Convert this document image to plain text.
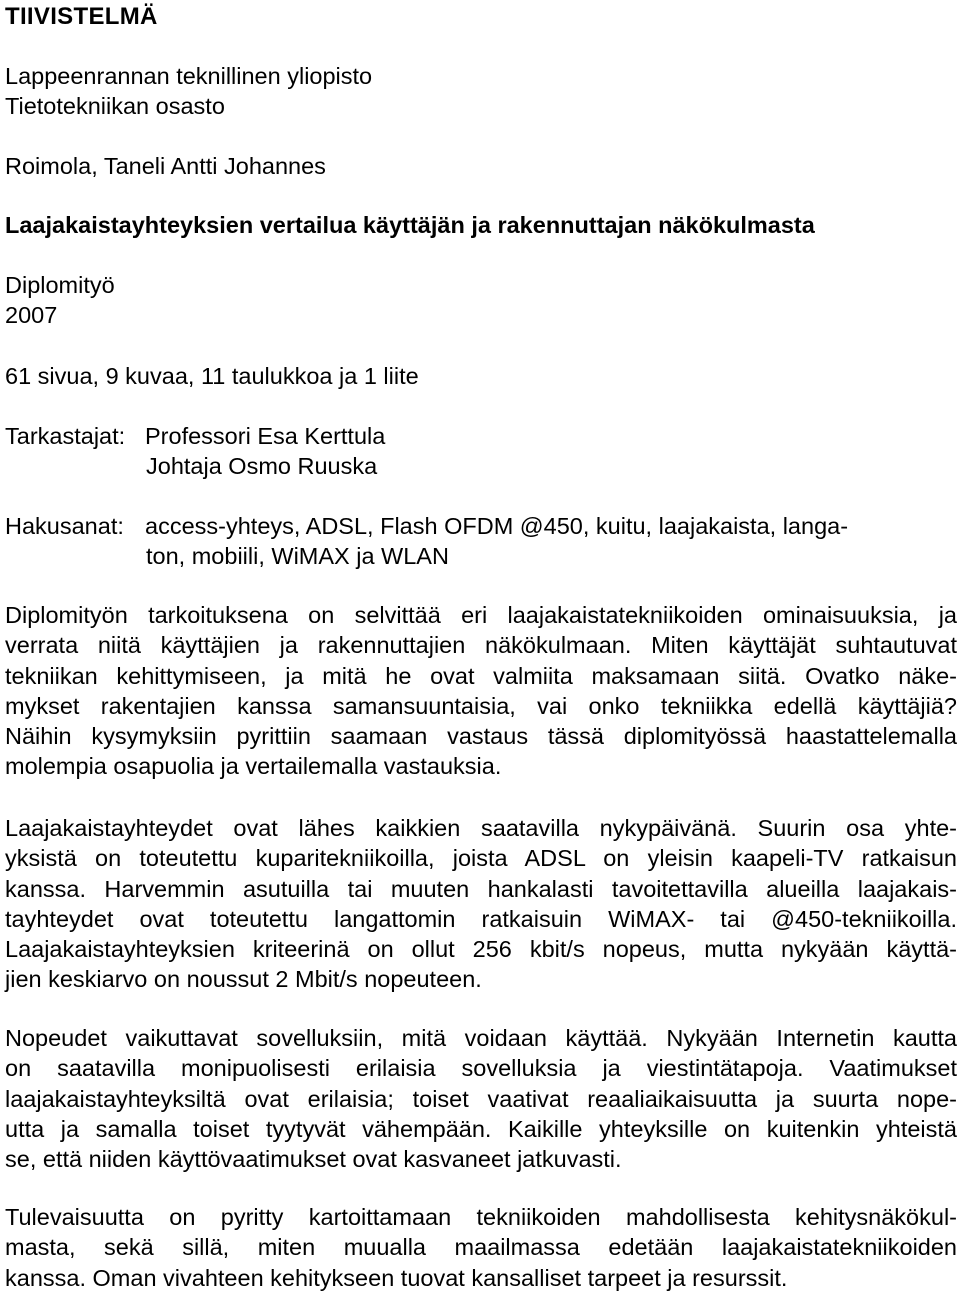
TIIVISTELMÄ
Lappeenrannan teknillinen yliopisto
Tietotekniikan osasto
Roimola, Taneli Antti Johannes
Laajakaistayhteyksien vertailua käyttäjän ja rakennuttajan näkökulmasta
Diplomityö
2007
61 sivua, 9 kuvaa, 11 taulukkoa ja 1 liite
Tarkastajat: Professori Esa Kerttula
Johtaja Osmo Ruuska
Hakusanat: access-yhteys, ADSL, Flash OFDM @450, kuitu, laajakaista, langa-
ton, mobiili, WiMAX ja WLAN
Diplomityön tarkoituksena on selvittää eri laajakaistatekniikoiden ominaisuuksia, ja
verrata niitä käyttäjien ja rakennuttajien näkökulmaan. Miten käyttäjät suhtautuvat
tekniikan kehittymiseen, ja mitä he ovat valmiita maksamaan siitä. Ovatko näke-
mykset rakentajien kanssa samansuuntaisia, vai onko tekniikka edellä käyttäjiä?
Näihin kysymyksiin pyrittiin saamaan vastaus tässä diplomityössä haastattelemalla
molempia osapuolia ja vertailemalla vastauksia.
Laajakaistayhteydet ovat lähes kaikkien saatavilla nykypäivänä. Suurin osa yhte-
yksistä on toteutettu kuparitekniikoilla, joista ADSL on yleisin kaapeli-TV ratkaisun
kanssa. Harvemmin asutuilla tai muuten hankalasti tavoitettavilla alueilla laajakais-
tayhteydet ovat toteutettu langattomin ratkaisuin WiMAX- tai @450-tekniikoilla.
Laajakaistayhteyksien kriteerinä on ollut 256 kbit/s nopeus, mutta nykyään käyttä-
jien keskiarvo on noussut 2 Mbit/s nopeuteen.
Nopeudet vaikuttavat sovelluksiin, mitä voidaan käyttää. Nykyään Internetin kautta
on saatavilla monipuolisesti erilaisia sovelluksia ja viestintätapoja. Vaatimukset
laajakaistayhteyksiltä ovat erilaisia; toiset vaativat reaaliaikaisuutta ja suurta nope-
utta ja samalla toiset tyytyvät vähempään. Kaikille yhteyksille on kuitenkin yhteistä
se, että niiden käyttövaatimukset ovat kasvaneet jatkuvasti.
Tulevaisuutta on pyritty kartoittamaan tekniikoiden mahdollisesta kehitysnäkökul-
masta, sekä sillä, miten muualla maailmassa edetään laajakaistatekniikoiden
kanssa. Oman vivahteen kehitykseen tuovat kansalliset tarpeet ja resurssit.
